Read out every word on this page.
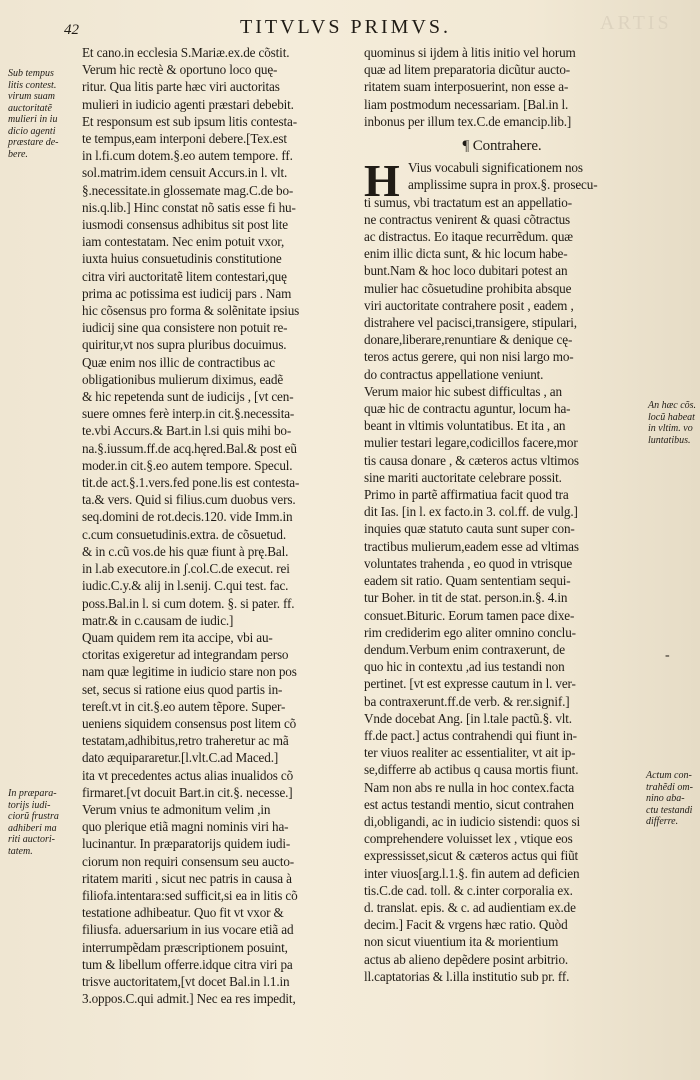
ARTIS
42	TITVLVS PRIMVS.
Et cano.in ecclesia S.Mariæ.ex.de cõstit.
Verum hic rectè & oportuno loco quę-
ritur. Qua litis parte hæc viri auctoritas
mulieri in iudicio agenti præstari debebit.
Et responsum est sub ipsum litis contesta-
te tempus,eam interponi debere.[Tex.est
in l.fi.cum dotem.§.eo autem tempore. ff.
sol.matrim.idem censuit Accurs.in l. vlt.
§.necessitate.in glossemate mag.C.de bo-
nis.q.lib.] Hinc constat nõ satis esse fi hu-
iusmodi consensus adhibitus sit post lite
iam contestatam. Nec enim potuit vxor,
iuxta huius consuetudinis constitutione
citra viri auctoritatẽ litem contestari,quę
prima ac potissima est iudicij pars . Nam
hic cõsensus pro forma & solẽnitate ipsius
iudicij sine qua consistere non potuit re-
quiritur,vt nos supra pluribus docuimus.
Quæ enim nos illic de contractibus ac
obligationibus mulierum diximus, eadẽ
& hic repetenda sunt de iudicijs , [vt cen-
suere omnes ferè interp.in cit.§.necessita-
te.vbi Accurs.& Bart.in l.si quis mihi bo-
na.§.iussum.ff.de acq.hęred.Bal.& post eũ
moder.in cit.§.eo autem tempore. Specul.
tit.de act.§.1.vers.fed pone.lis est contesta-
ta.& vers. Quid si filius.cum duobus vers.
seq.domini de rot.decis.120. vide Imm.in
c.cum consuetudinis.extra. de cõsuetud.
& in c.cũ vos.de his quæ fiunt à prę.Bal.
in l.ab executore.in ʃ.col.C.de execut. rei
iudic.C.y.& alij in l.senij. C.qui test. fac.
poss.Bal.in l. si cum dotem. §. si pater. ff.
matr.& in c.causam de iudic.]
Quam quidem rem ita accipe, vbi au-
ctoritas exigeretur ad integrandam perso
nam quæ legitime in iudicio stare non pos
set, secus si ratione eius quod partis in-
tereſt.vt in cit.§.eo autem tẽpore. Super-
ueniens siquidem consensus post litem cõ
testatam,adhibitus,retro traheretur ac mã
dato æquipararetur.[l.vlt.C.ad Maced.]
ita vt precedentes actus alias inualidos cõ
firmaret.[vt docuit Bart.in cit.§. necesse.]
Verum vnius te admonitum velim ,in
quo plerique etiã magni nominis viri ha-
lucinantur. In præparatorijs quidem iudi-
ciorum non requiri consensum seu aucto-
ritatem mariti , sicut nec patris in causa à
filiofa.intentara:sed sufficit,si ea in litis cõ
testatione adhibeatur. Quo fit vt vxor &
filiusfa. aduersarium in ius vocare etiã ad
interrumpẽdam præscriptionem posuint,
tum & libellum offerre.idque citra viri pa
trisve auctoritatem,[vt docet Bal.in l.1.in
3.oppos.C.qui admit.] Nec ea res impedit,
quominus si ijdem à litis initio vel horum
quæ ad litem preparatoria dicũtur aucto-
ritatem suam interposuerint, non esse a-
liam postmodum necessariam. [Bal.in l.
inbonus per illum tex.C.de emancip.lib.]
¶ Contrahere.
H Vius vocabuli significationem nos
amplissime supra in prox.§. prosecu-
ti sumus, vbi tractatum est an appellatio-
ne contractus venirent & quasi cõtractus
ac distractus. Eo itaque recurrẽdum. quæ
enim illic dicta sunt, & hic locum habe-
bunt.Nam & hoc loco dubitari potest an
mulier hac cõsuetudine prohibita absque
viri auctoritate contrahere posit , eadem ,
distrahere vel pacisci,transigere, stipulari,
donare,liberare,renuntiare & denique cę-
teros actus gerere, qui non nisi largo mo-
do contractus appellatione veniunt.
Verum maior hic subest difficultas , an
quæ hic de contractu aguntur, locum ha-
beant in vltimis voluntatibus. Et ita , an
mulier testari legare,codicillos facere,mor
tis causa donare , & cæteros actus vltimos
sine mariti auctoritate celebrare possit.
Primo in partẽ affirmatiua facit quod tra
dit Ias. [in l. ex facto.in 3. col.ff. de vulg.]
inquies quæ statuto cauta sunt super con-
tractibus mulierum,eadem esse ad vltimas
voluntates trahenda , eo quod in vtrisque
eadem sit ratio. Quam sententiam sequi-
tur Boher. in tit de stat. person.in.§. 4.in
consuet.Bituric. Eorum tamen pace dixe-
rim crediderim ego aliter omnino conclu-
dendum.Verbum enim contraxerunt, de
quo hic in contextu ,ad ius testandi non
pertinet. [vt est expresse cautum in l. ver-
ba contraxerunt.ff.de verb. & rer.signif.]
Vnde docebat Ang. [in l.tale pactũ.§. vlt.
ff.de pact.] actus contrahendi qui fiunt in-
ter viuos realiter ac essentialiter, vt ait ip-
se,differre ab actibus q causa mortis fiunt.
Nam non abs re nulla in hoc contex.facta
est actus testandi mentio, sicut contrahen
di,obligandi, ac in iudicio sistendi: quos si
comprehendere voluisset lex , vtique eos
expressisset,sicut & cæteros actus qui fiũt
inter viuos[arg.l.1.§. fin autem ad deficien
tis.C.de cad. toll. & c.inter corporalia ex.
d. translat. epis. & c. ad audientiam ex.de
decim.] Facit & vrgens hæc ratio. Quòd
non sicut viuentium ita & morientium
actus ab alieno depẽdere posint arbitrio.
ll.captatorias & l.illa institutio sub pr. ff.
Sub tempus
litis contest.
virum suam
auctoritatẽ
mulieri in iu
dicio agenti
præstare de-
bere.
In præpara-
torijs iudi-
ciorũ frustra
adhiberi ma
riti auctori-
tatem.
An hæc cõs.
locũ habeat
in vltim. vo
luntatibus.
Actum con-
trahẽdi om-
nino aba-
ctu testandi
differre.
-
